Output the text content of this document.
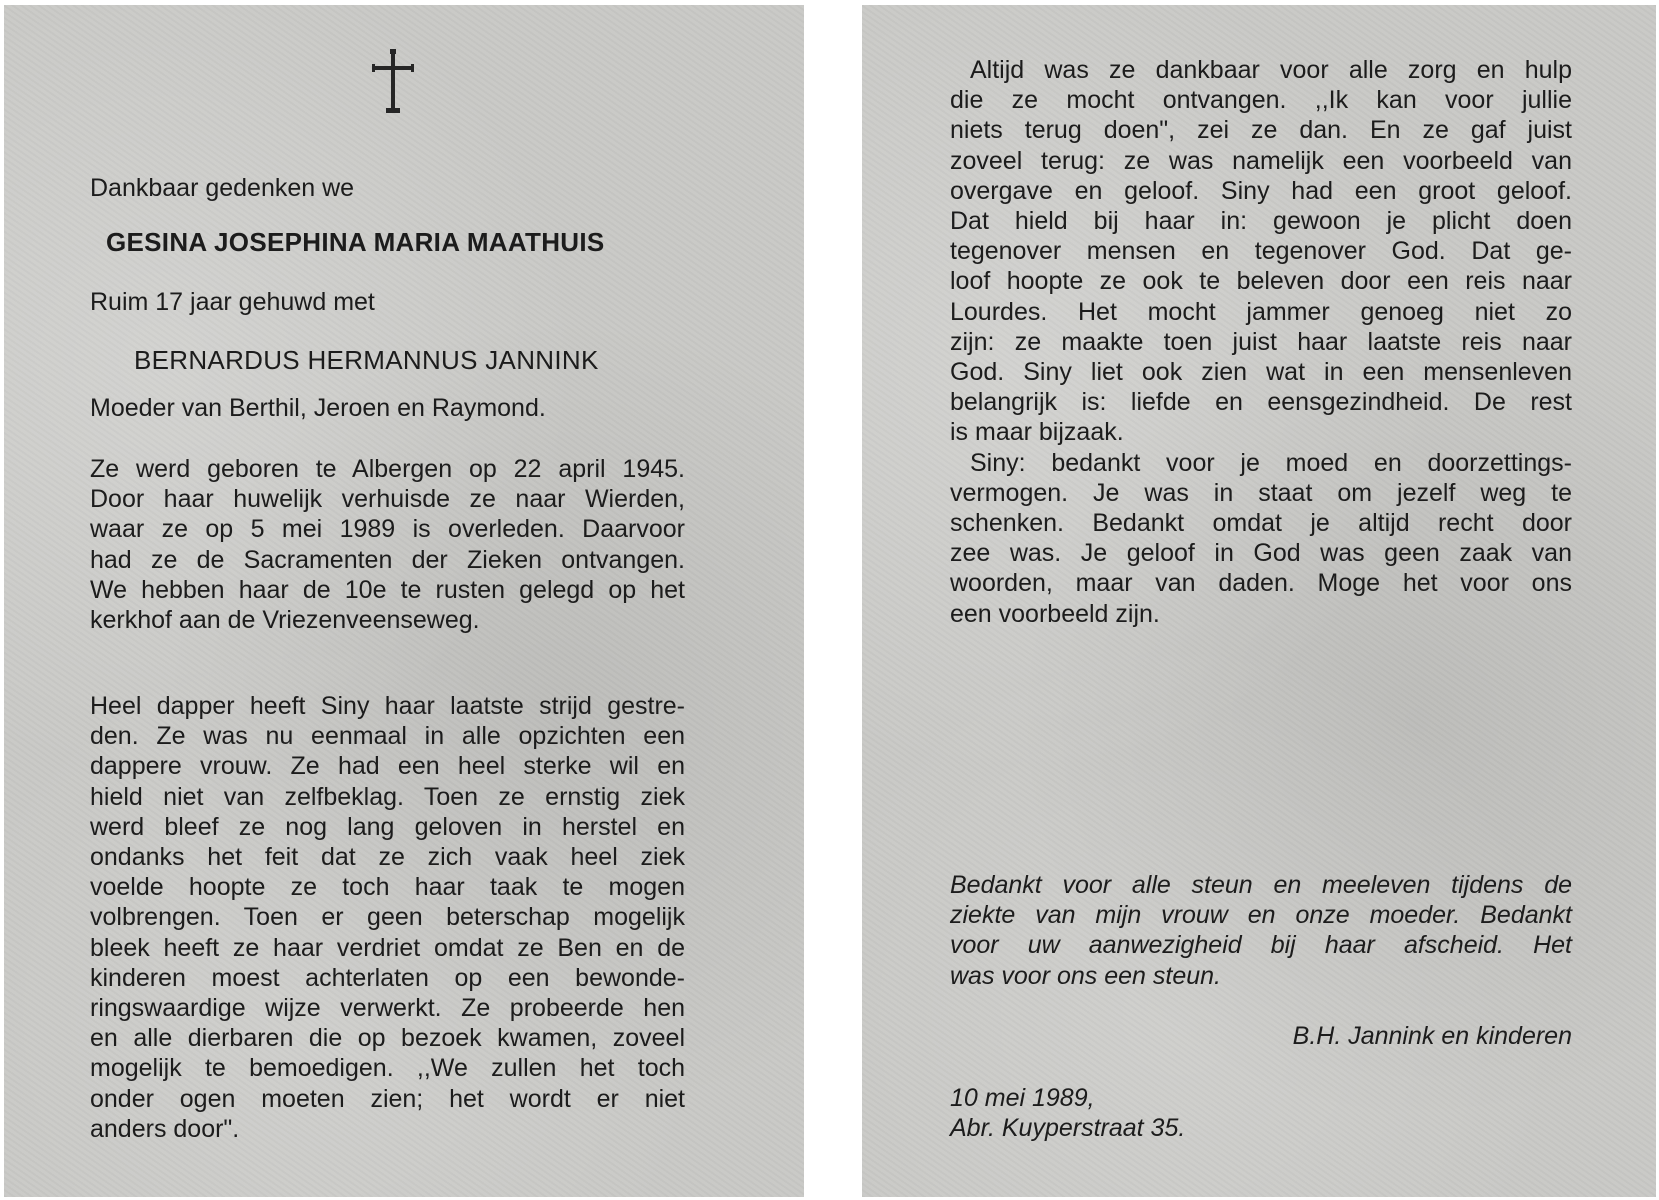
Dankbaar gedenken we

GESINA JOSEPHINA MARIA MAATHUIS

Ruim 17 jaar gehuwd met

BERNARDUS HERMANNUS JANNINK

Moeder van Berthil, Jeroen en Raymond.

Ze werd geboren te Albergen op 22 april 1945.
Door haar huwelijk verhuisde ze naar Wierden,
waar ze op 5 mei 1989 is overleden. Daarvoor
had ze de Sacramenten der Zieken ontvangen.
We hebben haar de 10e te rusten gelegd op het
kerkhof aan de Vriezenveenseweg.
Heel dapper heeft Siny haar laatste strijd gestre-
den. Ze was nu eenmaal in alle opzichten een
dappere vrouw. Ze had een heel sterke wil en
hield niet van zelfbeklag. Toen ze ernstig ziek
werd bleef ze nog lang geloven in herstel en
ondanks het feit dat ze zich vaak heel ziek
voelde hoopte ze toch haar taak te mogen
volbrengen. Toen er geen beterschap mogelijk
bleek heeft ze haar verdriet omdat ze Ben en de
kinderen moest achterlaten op een bewonde-
ringswaardige wijze verwerkt. Ze probeerde hen
en alle dierbaren die op bezoek kwamen, zoveel
mogelijk te bemoedigen. ,,We zullen het toch
onder ogen moeten zien; het wordt er niet
anders door".
Altijd was ze dankbaar voor alle zorg en hulp
die ze mocht ontvangen. ,,Ik kan voor jullie
niets terug doen", zei ze dan. En ze gaf juist
zoveel terug: ze was namelijk een voorbeeld van
overgave en geloof. Siny had een groot geloof.
Dat hield bij haar in: gewoon je plicht doen
tegenover mensen en tegenover God. Dat ge-
loof hoopte ze ook te beleven door een reis naar
Lourdes. Het mocht jammer genoeg niet zo
zijn: ze maakte toen juist haar laatste reis naar
God. Siny liet ook zien wat in een mensenleven
belangrijk is: liefde en eensgezindheid. De rest
is maar bijzaak.
Siny: bedankt voor je moed en doorzettings-
vermogen. Je was in staat om jezelf weg te
schenken. Bedankt omdat je altijd recht door
zee was. Je geloof in God was geen zaak van
woorden, maar van daden. Moge het voor ons
een voorbeeld zijn.
Bedankt voor alle steun en meeleven tijdens de
ziekte van mijn vrouw en onze moeder. Bedankt
voor uw aanwezigheid bij haar afscheid. Het
was voor ons een steun.

B.H. Jannink en kinderen

10 mei 1989,

Abr. Kuyperstraat 35.
